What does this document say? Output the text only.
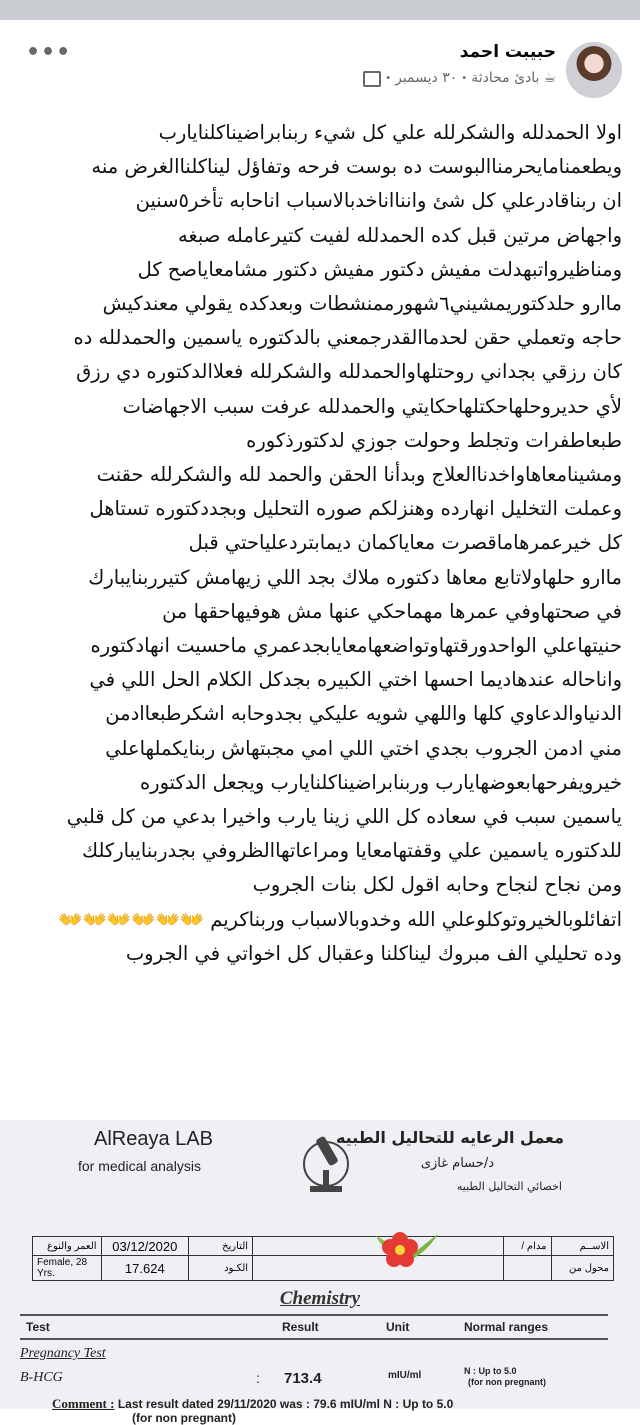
حبيبت احمد
☕
بادئ محادثة
•
٣٠ ديسمبر
•
•••
اولا الحمدلله والشكرلله علي كل شيء ربنابراضيناكلنايارب
ويطعمنامايحرمناالبوست ده بوست فرحه وتفاؤل ليناكلناالغرض منه
ان ربناقادرعلي كل شئ واننااناخدبالاسباب اناحابه تأخر٥سنين
واجهاض مرتين قبل كده الحمدلله لفيت كتيرعامله صبغه
ومناظيرواتبهدلت مفيش دكتور مفيش دكتور مشامعاياصح كل
ماارو حلدكتوريمشيني٦شهورممنشطات وبعدكده يقولي معندكيش
حاجه وتعملي حقن لحدماالقدرجمعني بالدكتوره ياسمين والحمدلله ده
كان رزقي بجداني روحتلهاوالحمدلله والشكرلله فعلاالدكتوره دي رزق
لأي حديروحلهاحكتلهاحكايتي والحمدلله عرفت سبب الاجهاضات
طبعاطفرات وتجلط وحولت جوزي لدكتورذكوره
ومشينامعاهاواخدناالعلاج وبدأنا الحقن والحمد لله والشكرلله حقنت
وعملت التخليل انهارده وهنزلكم صوره التحليل وبجددكتوره تستاهل
كل خيرعمرهاماقصرت معاياكمان ديمابتردعلياحتي قبل
ماارو حلهاولاتابع معاها دكتوره ملاك بجد اللي زيهامش كتيرربنايبارك
في صحتهاوفي عمرها مهماحكي عنها مش هوفيهاحقها من
حنيتهاعلي الواحدورقتهاوتواضعهامعايابجدعمري ماحسيت انهادكتوره
واناحاله عندهاديما احسها اختي الكبيره بجدكل الكلام الحل اللي في
الدنياوالدعاوي كلها واللهي شويه عليكي بجدوحابه اشكرطبعاادمن
مني ادمن الجروب بجدي اختي اللي امي مجبتهاش ربنايكملهاعلي
خيرويفرحهابعوضهايارب وربنابراضيناكلنايارب ويجعل الدكتوره
ياسمين سبب في سعاده كل اللي زينا يارب واخيرا بدعي من كل قلبي
للدكتوره ياسمين علي وقفتهامعايا ومراعاتهاالظروفي بجدربنايباركلك
ومن نجاح لنجاح وحابه اقول لكل بنات الجروب
اتفائلوبالخيروتوكلوعلي الله وخدوبالاسباب وربناكريم 👐👐👐👐👐👐
وده تحليلي الف مبروك ليناكلنا وعقبال كل اخواتي في الجروب
AlReaya LAB
for medical analysis
معمل الرعايه للتحاليل الطبيه
د/حسام غازى
اخصائي التحاليل الطبيه
العمر والنوع	03/12/2020	التاريخ		مدام /	الاســم
Female, 28 Yrs.	17.624	الكـود			محول من
Chemistry
Test	Result	Unit	Normal ranges
Pregnancy Test
B-HCG	: 713.4	mIU/ml	N : Up to 5.0
(for non pregnant)
Comment : Last result dated 29/11/2020 was : 79.6 mIU/ml N : Up to 5.0
(for non pregnant)
